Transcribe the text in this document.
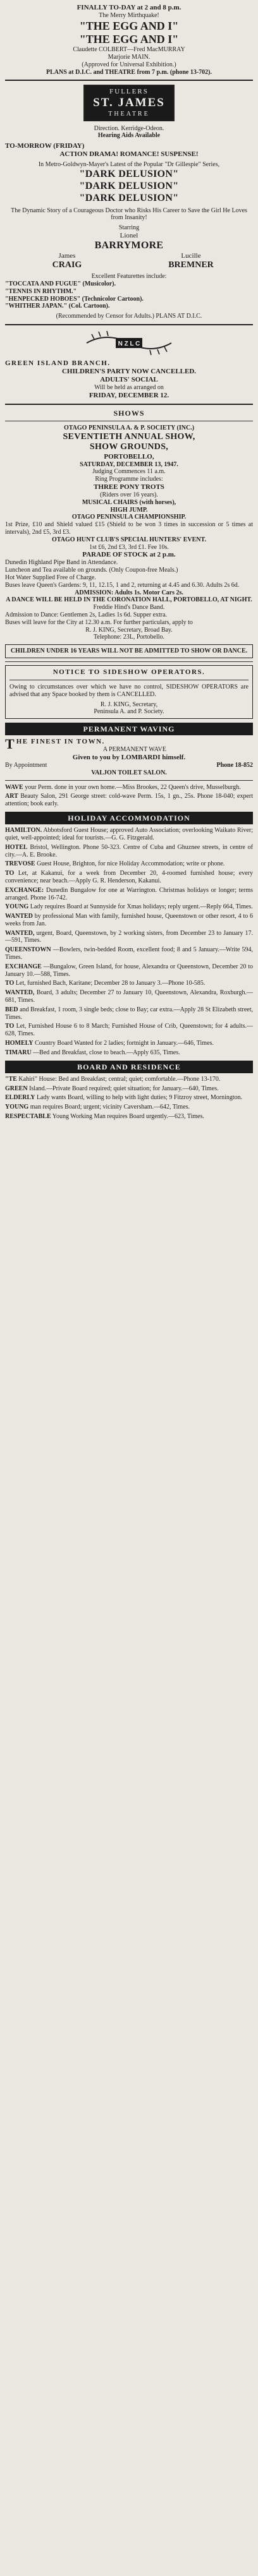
FINALLY TO-DAY at 2 and 8 p.m.
The Merry Mirthquake!
"THE EGG AND I"
"THE EGG AND I"
Claudette COLBERT—Fred MacMURRAY
Marjorie MAIN.
(Approved for Universal Exhibition.)
PLANS at D.I.C. and THEATRE from 7 p.m. (phone 13-702).
FULLERS
ST. JAMES
THEATRE
Direction. Kerridge-Odeon.
Hearing Aids Available
TO-MORROW (FRIDAY)
ACTION DRAMA! ROMANCE! SUSPENSE!
In Metro-Goldwyn-Mayer's Latest of the Popular "Dr Gillespie" Series,
"DARK DELUSION"
"DARK DELUSION"
"DARK DELUSION"
The Dynamic Story of a Courageous Doctor who Risks His Career to Save the Girl He Loves from Insanity!
Starring
Lionel
BARRYMORE
James
CRAIG
Lucille
BREMNER
Excellent Featurettes include:
"TOCCATA AND FUGUE" (Musicolor).
"TENNIS IN RHYTHM."
"HENPECKED HOBOES" (Technicolor Cartoon).
"WHITHER JAPAN." (Col. Cartoon).
(Recommended by Censor for Adults.) PLANS AT D.I.C.
N Z L C
GREEN ISLAND BRANCH.
CHILDREN'S PARTY NOW CANCELLED.
ADULTS' SOCIAL
Will be held as arranged on
FRIDAY, DECEMBER 12.
SHOWS
OTAGO PENINSULA A. & P. SOCIETY (INC.)
SEVENTIETH ANNUAL SHOW,
SHOW GROUNDS,
PORTOBELLO,
SATURDAY, DECEMBER 13, 1947.
Judging Commences 11 a.m.
Ring Programme includes:
THREE PONY TROTS
(Riders over 16 years).
MUSICAL CHAIRS (with horses),
HIGH JUMP.
OTAGO PENINSULA CHAMPIONSHIP.
1st Prize, £10 and Shield valued £15 (Shield to be won 3 times in succession or 5 times at intervals), 2nd £5, 3rd £3.
OTAGO HUNT CLUB'S SPECIAL HUNTERS' EVENT.
1st £6, 2nd £3, 3rd £1. Fee 10s.
PARADE OF STOCK at 2 p.m.
Dunedin Highland Pipe Band in Attendance.
Luncheon and Tea available on grounds. (Only Coupon-free Meals.)
Hot Water Supplied Free of Charge.
Buses leave Queen's Gardens: 9, 11, 12.15, 1 and 2, returning at 4.45 and 6.30. Adults 2s 6d.
ADMISSION: Adults 1s. Motor Cars 2s.
A DANCE WILL BE HELD IN THE CORONATION HALL, PORTOBELLO, AT NIGHT.
Freddie Hind's Dance Band.
Admission to Dance: Gentlemen 2s, Ladies 1s 6d. Supper extra.
Buses will leave for the City at 12.30 a.m. For further particulars, apply to
R. J. KING, Secretary, Broad Bay.
Telephone: 23L, Portobello.
CHILDREN UNDER 16 YEARS WILL NOT BE ADMITTED TO SHOW OR DANCE.
NOTICE TO SIDESHOW OPERATORS.
Owing to circumstances over which we have no control, SIDESHOW OPERATORS are advised that any Space booked by them is CANCELLED.
R. J. KING, Secretary,
Peninsula A. and P. Society.
PERMANENT WAVING
T HE FINEST IN TOWN.
A PERMANENT WAVE
Given to you by LOMBARDI himself.
By Appointment	Phone 18-852
VALJON TOILET SALON.

WAVE your Perm. done in your own home.—Miss Brookes, 22 Queen's drive, Musselburgh.

ART Beauty Salon, 291 George street: cold-wave Perm. 15s, 1 gn., 25s. Phone 18-040; expert attention; book early.

HOLIDAY ACCOMMODATION

HAMILTON. Abbotsford Guest House; approved Auto Association; overlooking Waikato River; quiet, well-appointed; ideal for tourists.—G. G. Fitzgerald.

HOTEL Bristol, Wellington. Phone 50-323. Centre of Cuba and Ghuznee streets, in centre of city.—A. E. Brooke.

TREVOSE Guest House, Brighton, for nice Holiday Accommodation; write or phone.

TO Let, at Kakanui, for a week from December 20, 4-roomed furnished house; every convenience; near beach.—Apply G. R. Henderson, Kakanui.

EXCHANGE: Dunedin Bungalow for one at Warrington. Christmas holidays or longer; terms arranged. Phone 16-742.

YOUNG Lady requires Board at Sunnyside for Xmas holidays; reply urgent.—Reply 664, Times.

WANTED by professional Man with family, furnished house, Queenstown or other resort, 4 to 6 weeks from Jan.

WANTED, urgent, Board, Queenstown, by 2 working sisters, from December 23 to January 17.—591, Times.

QUEENSTOWN —Bowlers, twin-bedded Room, excellent food; 8 and 5 January.—Write 594, Times.

EXCHANGE —Bungalow, Green Island, for house, Alexandra or Queenstown, December 20 to January 10.—588, Times.

TO Let, furnished Bach, Karitane; December 28 to January 3.—Phone 10-585.

WANTED, Board, 3 adults; December 27 to January 10, Queenstown, Alexandra, Roxburgh.—681, Times.

BED and Breakfast, 1 room, 3 single beds; close to Bay; car extra.—Apply 28 St Elizabeth street, Times.

TO Let, Furnished House 6 to 8 March; Furnished House of Crib, Queenstown; for 4 adults.—628, Times.

HOMELY Country Board Wanted for 2 ladies; fortnight in January.—646, Times.

TIMARU —Bed and Breakfast, close to beach.—Apply 635, Times.

BOARD AND RESIDENCE

"TE Kahiri" House: Bed and Breakfast; central; quiet; comfortable.—Phone 13-170.

GREEN Island.—Private Board required; quiet situation; for January.—640, Times.

ELDERLY Lady wants Board, willing to help with light duties; 9 Fitzroy street, Mornington.

YOUNG man requires Board; urgent; vicinity Caversham.—642, Times.

RESPECTABLE Young Working Man requires Board urgently.—623, Times.
